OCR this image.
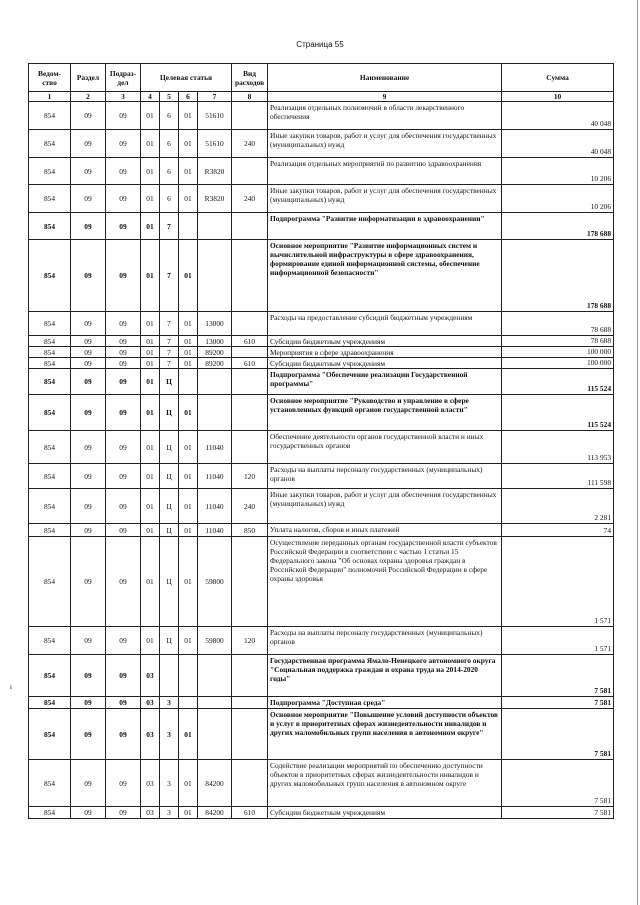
ı
Страница 55
Ведом-ство	Раздел	Подраз-дел	Целевая статья				Вид расходов	Наименование	Сумма
1	2	3	4	5	6	7	8	9	10
854	09	09	01	6	01	51610		Реализация отдельных полномочий в области лекарственного обеспечения	40 048
854	09	09	01	6	01	51610	240	Иные закупки товаров, работ и услуг для обеспечения государственных (муниципальных) нужд	40 048
854	09	09	01	6	01	R3820		Реализация отдельных мероприятий по развитию здравоохранения	10 206
854	09	09	01	6	01	R3820	240	Иные закупки товаров, работ и услуг для обеспечения государственных (муниципальных) нужд	10 206
854	09	09	01	7				Подпрограмма "Развитие информатизации в здравоохранении"	178 688
854	09	09	01	7	01			Основное мероприятие "Развитие информационных систем и вычислительной инфраструктуры в сфере здравоохранения, формирование единой информационной системы, обеспечение информационной безопасности"	178 688
854	09	09	01	7	01	13000		Расходы на предоставление субсидий бюджетным учреждениям	78 688
854	09	09	01	7	01	13000	610	Субсидии бюджетным учреждениям	78 688
854	09	09	01	7	01	89200		Мероприятия в сфере здравоохранения	100 000
854	09	09	01	7	01	89200	610	Субсидии бюджетным учреждениям	100 000
854	09	09	01	Ц				Подпрограмма "Обеспечение реализации Государственной программы"	115 524
854	09	09	01	Ц	01			Основное мероприятие "Руководство и управление в сфере установленных функций органов государственной власти"	115 524
854	09	09	01	Ц	01	11040		Обеспечение деятельности органов государственной власти и иных государственных органов	113 953
854	09	09	01	Ц	01	11040	120	Расходы на выплаты персоналу государственных (муниципальных) органов	111 598
854	09	09	01	Ц	01	11040	240	Иные закупки товаров, работ и услуг для обеспечения государственных (муниципальных) нужд	2 281
854	09	09	01	Ц	01	11040	850	Уплата налогов, сборов и иных платежей	74
854	09	09	01	Ц	01	59800		Осуществление переданных органам государственной власти субъектов Российской Федерации в соответствии с частью 1 статьи 15 Федерального закона "Об основах охраны здоровья граждан в Российской Федерации" полномочий Российской Федерации в сфере охраны здоровья	1 571
854	09	09	01	Ц	01	59800	120	Расходы на выплаты персоналу государственных (муниципальных) органов	1 571
854	09	09	03					Государственная программа Ямало-Ненецкого автономного округа "Социальная поддержка граждан и охрана труда на 2014-2020 годы"	7 581
854	09	09	03	3				Подпрограмма "Доступная среда"	7 581
854	09	09	03	3	01			Основное мероприятие "Повышение условий доступности объектов и услуг в приоритетных сферах жизнедеятельности инвалидов и других маломобильных групп населения в автономном округе"	7 581
854	09	09	03	3	01	84200		Содействие реализации мероприятий по обеспечению доступности объектов в приоритетных сферах жизнедеятельности инвалидов и других маломобильных групп населения в автономном округе	7 581
854	09	09	03	3	01	84200	610	Субсидии бюджетным учреждениям	7 581
